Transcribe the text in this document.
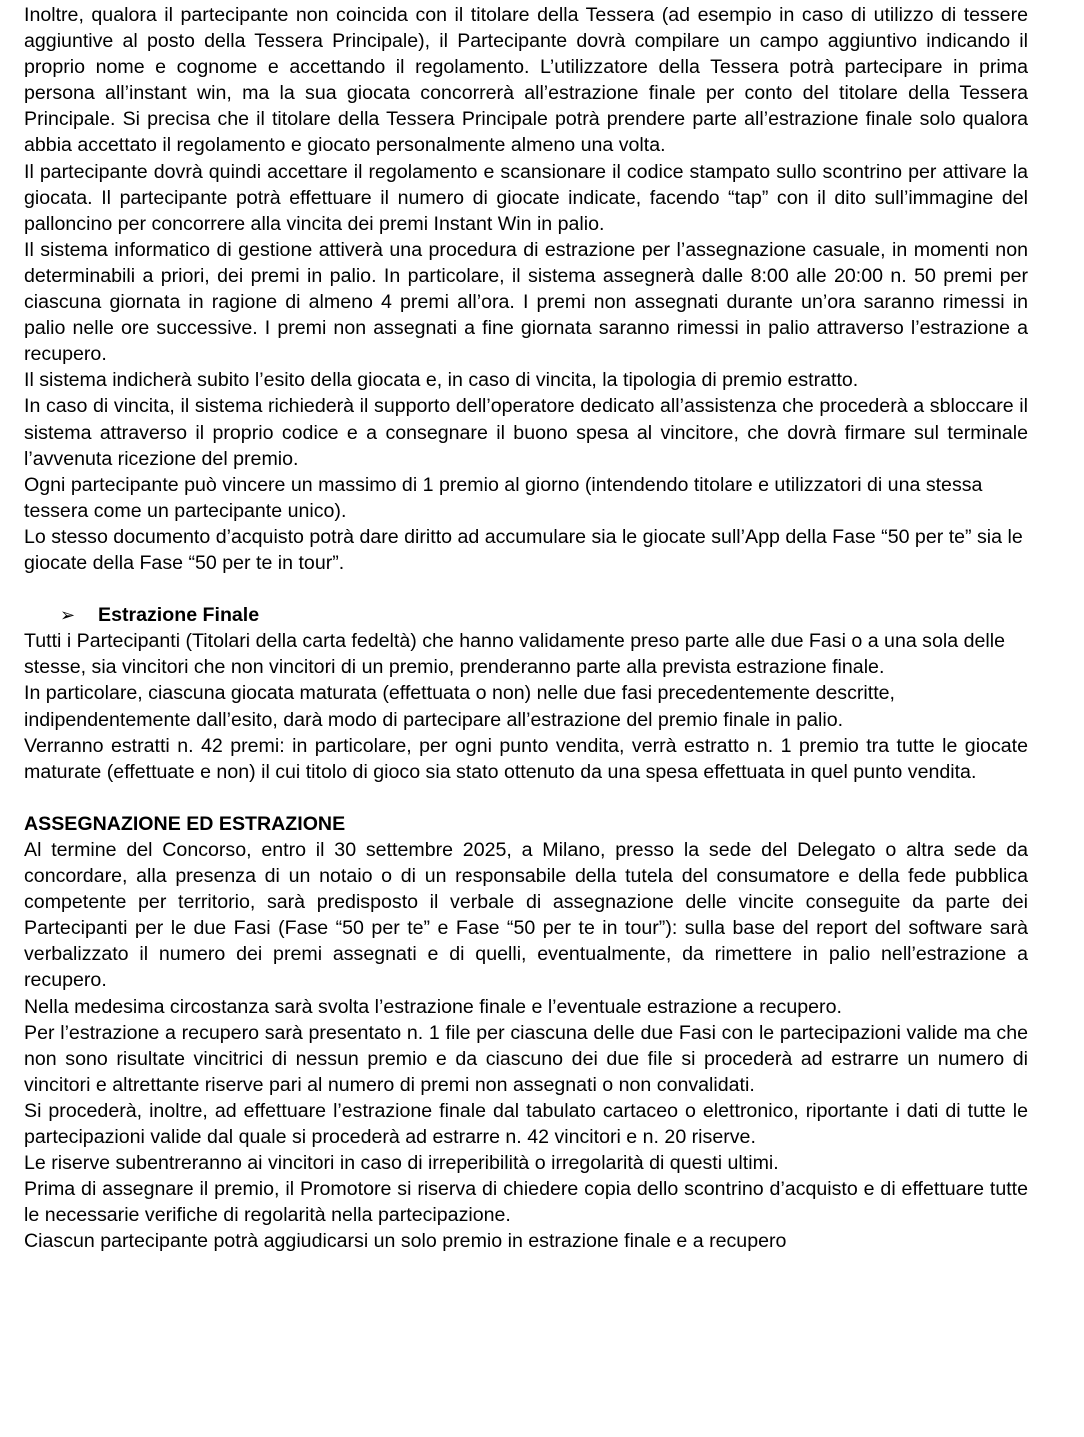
Inoltre, qualora il partecipante non coincida con il titolare della Tessera (ad esempio in caso di utilizzo di tessere aggiuntive al posto della Tessera Principale), il Partecipante dovrà compilare un campo aggiuntivo indicando il proprio nome e cognome e accettando il regolamento. L’utilizzatore della Tessera potrà partecipare in prima persona all’instant win, ma la sua giocata concorrerà all’estrazione finale per conto del titolare della Tessera Principale. Si precisa che il titolare della Tessera Principale potrà prendere parte all’estrazione finale solo qualora abbia accettato il regolamento e giocato personalmente almeno una volta.

Il partecipante dovrà quindi accettare il regolamento e scansionare il codice stampato sullo scontrino per attivare la giocata. Il partecipante potrà effettuare il numero di giocate indicate, facendo “tap” con il dito sull’immagine del palloncino per concorrere alla vincita dei premi Instant Win in palio.

Il sistema informatico di gestione attiverà una procedura di estrazione per l’assegnazione casuale, in momenti non determinabili a priori, dei premi in palio. In particolare, il sistema assegnerà dalle 8:00 alle 20:00 n. 50 premi per ciascuna giornata in ragione di almeno 4 premi all’ora. I premi non assegnati durante un’ora saranno rimessi in palio nelle ore successive. I premi non assegnati a fine giornata saranno rimessi in palio attraverso l’estrazione a recupero.

Il sistema indicherà subito l’esito della giocata e, in caso di vincita, la tipologia di premio estratto.

In caso di vincita, il sistema richiederà il supporto dell’operatore dedicato all’assistenza che procederà a sbloccare il sistema attraverso il proprio codice e a consegnare il buono spesa al vincitore, che dovrà firmare sul terminale l’avvenuta ricezione del premio.

Ogni partecipante può vincere un massimo di 1 premio al giorno (intendendo titolare e utilizzatori di una stessa tessera come un partecipante unico).

Lo stesso documento d’acquisto potrà dare diritto ad accumulare sia le giocate sull’App della Fase “50 per te” sia le giocate della Fase “50 per te in tour”.

➢	Estrazione Finale

Tutti i Partecipanti (Titolari della carta fedeltà) che hanno validamente preso parte alle due Fasi o a una sola delle stesse, sia vincitori che non vincitori di un premio, prenderanno parte alla prevista estrazione finale.

In particolare, ciascuna giocata maturata (effettuata o non) nelle due fasi precedentemente descritte, indipendentemente dall’esito, darà modo di partecipare all’estrazione del premio finale in palio.

Verranno estratti n. 42 premi: in particolare, per ogni punto vendita, verrà estratto n. 1 premio tra tutte le giocate maturate (effettuate e non) il cui titolo di gioco sia stato ottenuto da una spesa effettuata in quel punto vendita.

ASSEGNAZIONE ED ESTRAZIONE

Al termine del Concorso, entro il 30 settembre 2025, a Milano, presso la sede del Delegato o altra sede da concordare, alla presenza di un notaio o di un responsabile della tutela del consumatore e della fede pubblica competente per territorio, sarà predisposto il verbale di assegnazione delle vincite conseguite da parte dei Partecipanti per le due Fasi (Fase “50 per te” e Fase “50 per te in tour”): sulla base del report del software sarà verbalizzato il numero dei premi assegnati e di quelli, eventualmente, da rimettere in palio nell’estrazione a recupero.

Nella medesima circostanza sarà svolta l’estrazione finale e l’eventuale estrazione a recupero.

Per l’estrazione a recupero sarà presentato n. 1 file per ciascuna delle due Fasi con le partecipazioni valide ma che non sono risultate vincitrici di nessun premio e da ciascuno dei due file si procederà ad estrarre un numero di vincitori e altrettante riserve pari al numero di premi non assegnati o non convalidati.

Si procederà, inoltre, ad effettuare l’estrazione finale dal tabulato cartaceo o elettronico, riportante i dati di tutte le partecipazioni valide dal quale si procederà ad estrarre n. 42 vincitori e n. 20 riserve.

Le riserve subentreranno ai vincitori in caso di irreperibilità o irregolarità di questi ultimi.

Prima di assegnare il premio, il Promotore si riserva di chiedere copia dello scontrino d’acquisto e di effettuare tutte le necessarie verifiche di regolarità nella partecipazione.

Ciascun partecipante potrà aggiudicarsi un solo premio in estrazione finale e a recupero
